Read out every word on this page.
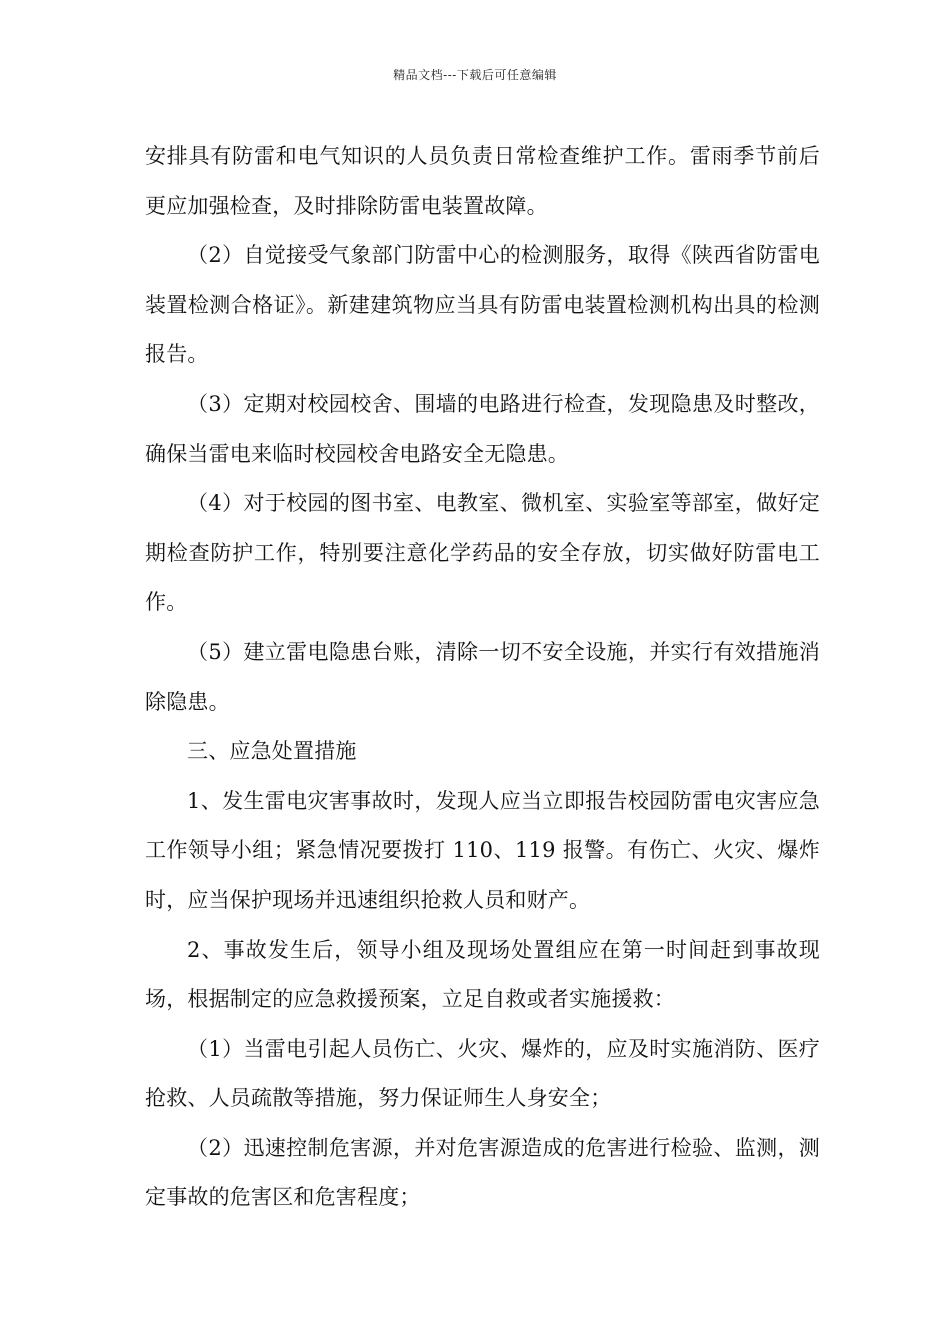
精品文档---下载后可任意编辑

安排具有防雷和电气知识的人员负责日常检查维护工作。雷雨季节前后更应加强检查，及时排除防雷电装置故障。

（2）自觉接受气象部门防雷中心的检测服务，取得《陕西省防雷电装置检测合格证》。新建建筑物应当具有防雷电装置检测机构出具的检测报告。

（3）定期对校园校舍、围墙的电路进行检查，发现隐患及时整改，确保当雷电来临时校园校舍电路安全无隐患。

（4）对于校园的图书室、电教室、微机室、实验室等部室，做好定期检查防护工作，特别要注意化学药品的安全存放，切实做好防雷电工作。

（5）建立雷电隐患台账，清除一切不安全设施，并实行有效措施消除隐患。

三、应急处置措施

1、发生雷电灾害事故时，发现人应当立即报告校园防雷电灾害应急工作领导小组；紧急情况要拨打 110、119 报警。有伤亡、火灾、爆炸时，应当保护现场并迅速组织抢救人员和财产。

2、事故发生后，领导小组及现场处置组应在第一时间赶到事故现场，根据制定的应急救援预案，立足自救或者实施援救：

（1）当雷电引起人员伤亡、火灾、爆炸的，应及时实施消防、医疗抢救、人员疏散等措施，努力保证师生人身安全；

（2）迅速控制危害源，并对危害源造成的危害进行检验、监测，测定事故的危害区和危害程度；
